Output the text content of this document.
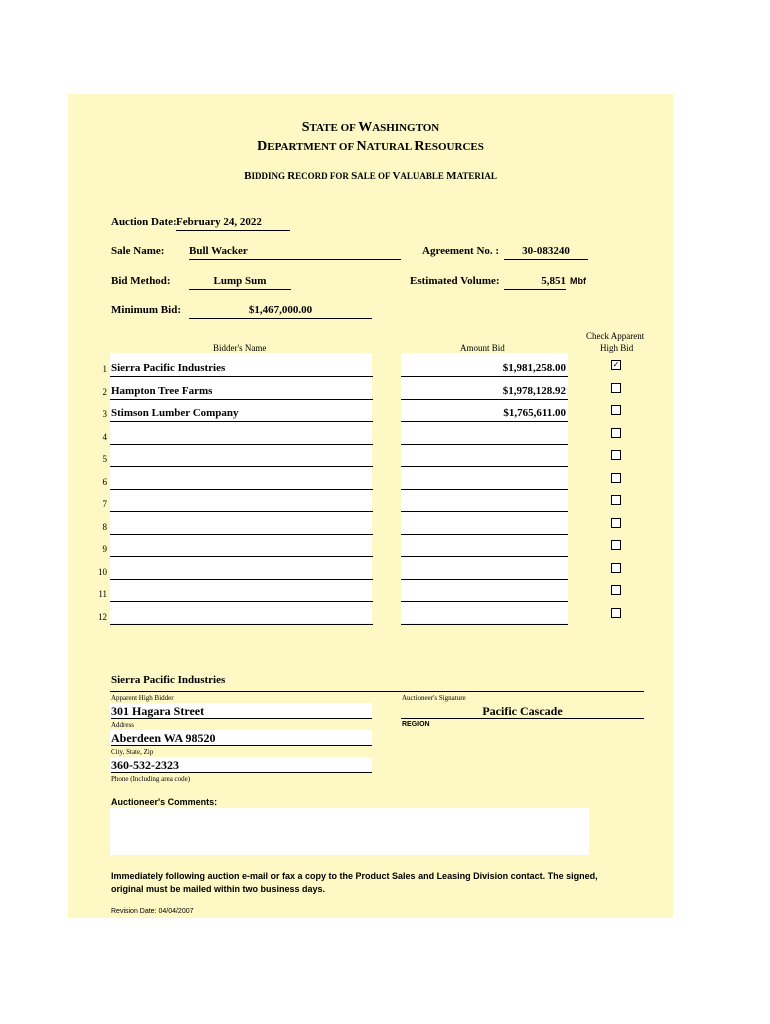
STATE OF WASHINGTON
DEPARTMENT OF NATURAL RESOURCES
BIDDING RECORD FOR SALE OF VALUABLE MATERIAL
Auction Date: February 24, 2022
Sale Name: Bull Wacker	Agreement No. :	30-083240
Bid Method:	Lump Sum	Estimated Volume:	5,851 Mbf
Minimum Bid:	$1,467,000.00
Bidder's Name	Amount Bid
Check Apparent
High Bid
1 Sierra Pacific Industries	$1,981,258.00	✓
2 Hampton Tree Farms	$1,978,128.92
3 Stimson Lumber Company	$1,765,611.00
4
5
6
7
8
9
10
11
12
Sierra Pacific Industries
Apparent High Bidder	Auctioneer's Signature
301 Hagara Street
Address
Pacific Cascade
REGION
Aberdeen WA 98520
City, State, Zip
360-532-2323
Phone (Including area code)
Auctioneer's Comments:
Immediately following auction e-mail or fax a copy to the Product Sales and Leasing Division contact. The signed,
original must be mailed within two business days.
Revision Date: 04/04/2007
